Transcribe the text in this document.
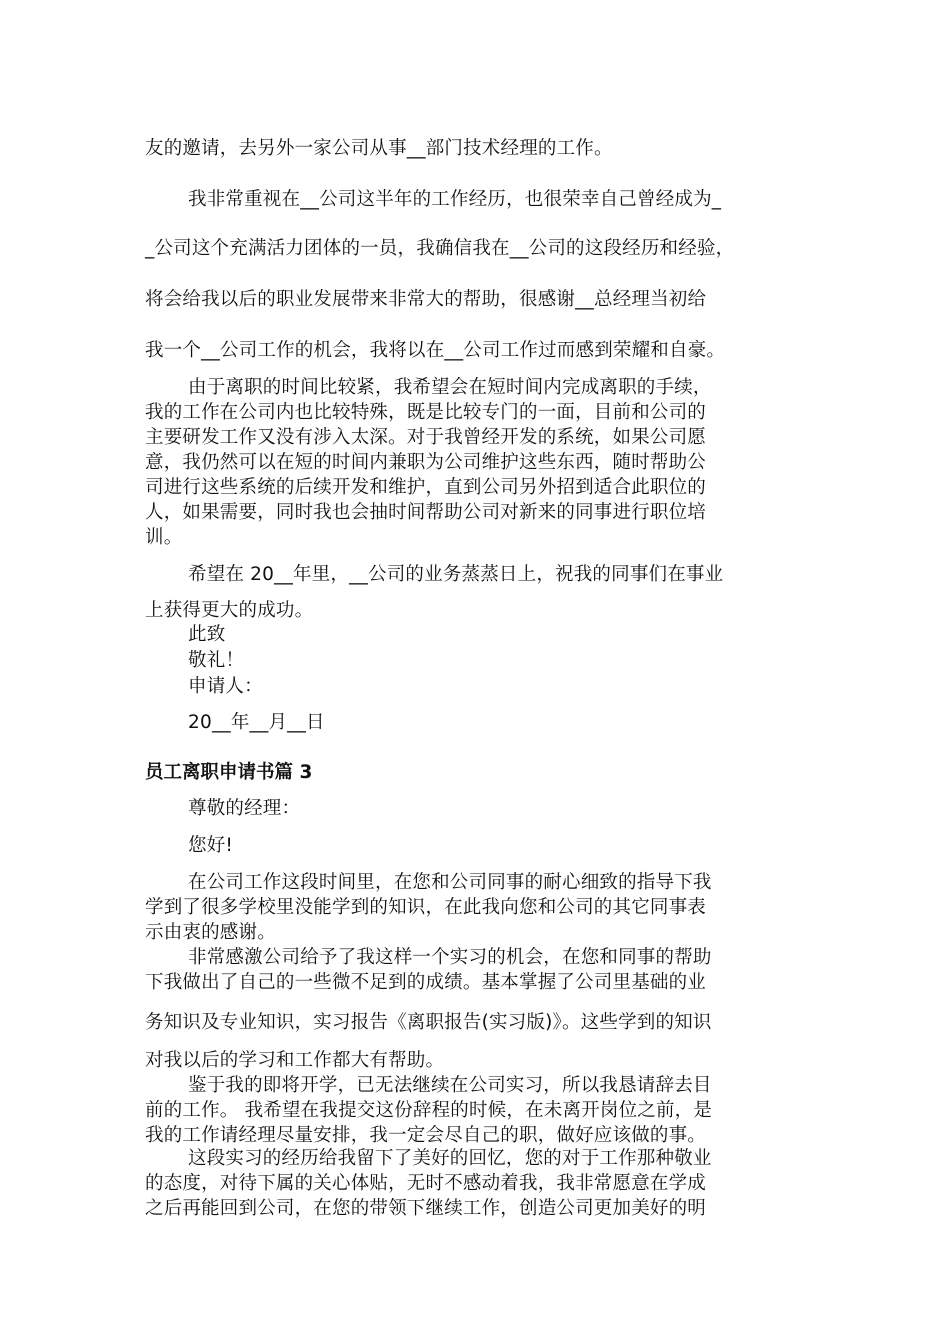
友的邀请，去另外一家公司从事__部门技术经理的工作。
我非常重视在__公司这半年的工作经历，也很荣幸自己曾经成为_
_公司这个充满活力团体的一员，我确信我在__公司的这段经历和经验，
将会给我以后的职业发展带来非常大的帮助，很感谢__总经理当初给
我一个__公司工作的机会，我将以在__公司工作过而感到荣耀和自豪。
由于离职的时间比较紧，我希望会在短时间内完成离职的手续，
我的工作在公司内也比较特殊，既是比较专门的一面，目前和公司的
主要研发工作又没有涉入太深。对于我曾经开发的系统，如果公司愿
意，我仍然可以在短的时间内兼职为公司维护这些东西，随时帮助公
司进行这些系统的后续开发和维护，直到公司另外招到适合此职位的
人，如果需要，同时我也会抽时间帮助公司对新来的同事进行职位培
训。
希望在 20__年里，__公司的业务蒸蒸日上，祝我的同事们在事业
上获得更大的成功。
此致
敬礼！
申请人：
20__年__月__日
员工离职申请书篇 3
尊敬的经理：
您好!
在公司工作这段时间里，在您和公司同事的耐心细致的指导下我
学到了很多学校里没能学到的知识，在此我向您和公司的其它同事表
示由衷的感谢。
非常感激公司给予了我这样一个实习的机会，在您和同事的帮助
下我做出了自己的一些微不足到的成绩。基本掌握了公司里基础的业
务知识及专业知识，实习报告《离职报告(实习版)》。这些学到的知识
对我以后的学习和工作都大有帮助。
鉴于我的即将开学，已无法继续在公司实习，所以我恳请辞去目
前的工作。 我希望在我提交这份辞程的时候，在未离开岗位之前，是
我的工作请经理尽量安排，我一定会尽自己的职，做好应该做的事。
这段实习的经历给我留下了美好的回忆，您的对于工作那种敬业
的态度，对待下属的关心体贴，无时不感动着我，我非常愿意在学成
之后再能回到公司，在您的带领下继续工作，创造公司更加美好的明
